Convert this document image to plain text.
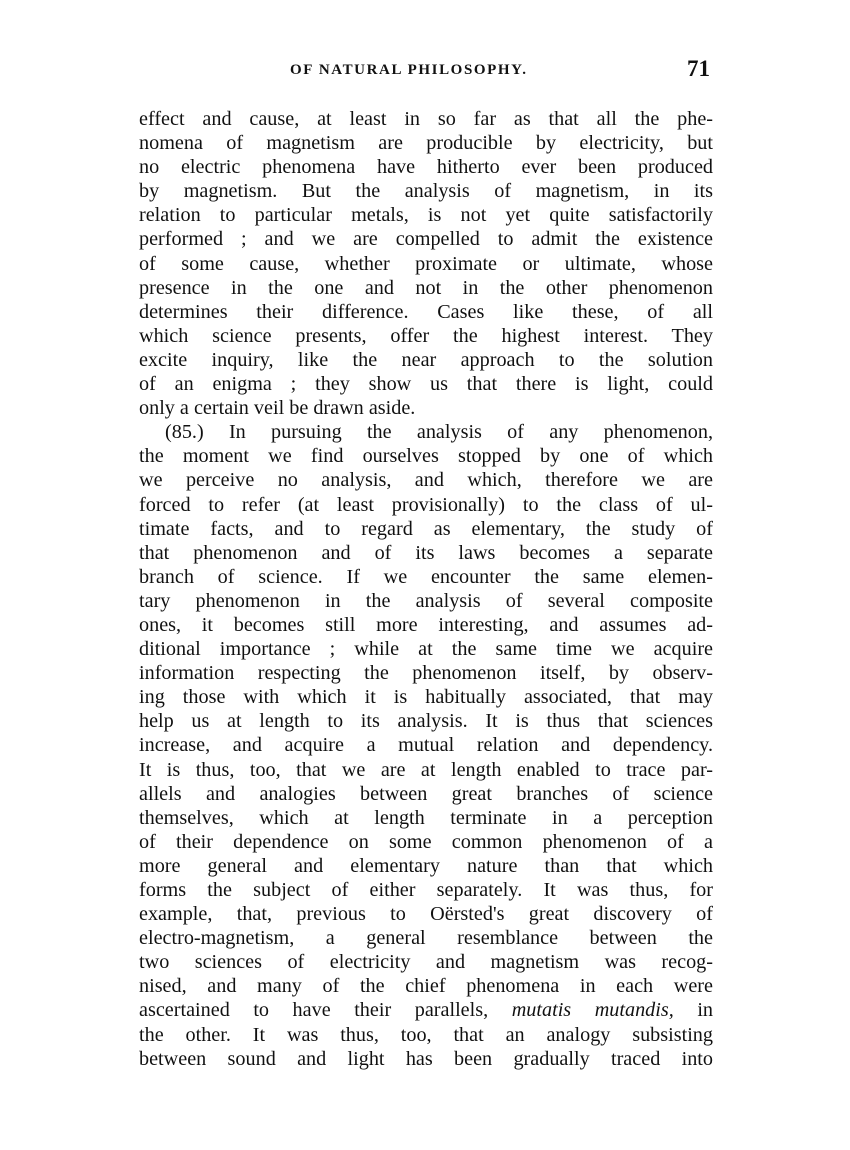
OF NATURAL PHILOSOPHY.	71
effect and cause, at least in so far as that all the phe-
nomena of magnetism are producible by electricity, but
no electric phenomena have hitherto ever been produced
by magnetism. But the analysis of magnetism, in its
relation to particular metals, is not yet quite satisfactorily
performed ; and we are compelled to admit the existence
of some cause, whether proximate or ultimate, whose
presence in the one and not in the other phenomenon
determines their difference. Cases like these, of all
which science presents, offer the highest interest. They
excite inquiry, like the near approach to the solution
of an enigma ; they show us that there is light, could
only a certain veil be drawn aside.
(85.) In pursuing the analysis of any phenomenon,
the moment we find ourselves stopped by one of which
we perceive no analysis, and which, therefore we are
forced to refer (at least provisionally) to the class of ul-
timate facts, and to regard as elementary, the study of
that phenomenon and of its laws becomes a separate
branch of science. If we encounter the same elemen-
tary phenomenon in the analysis of several composite
ones, it becomes still more interesting, and assumes ad-
ditional importance ; while at the same time we acquire
information respecting the phenomenon itself, by observ-
ing those with which it is habitually associated, that may
help us at length to its analysis. It is thus that sciences
increase, and acquire a mutual relation and dependency.
It is thus, too, that we are at length enabled to trace par-
allels and analogies between great branches of science
themselves, which at length terminate in a perception
of their dependence on some common phenomenon of a
more general and elementary nature than that which
forms the subject of either separately. It was thus, for
example, that, previous to Oërsted's great discovery of
electro-magnetism, a general resemblance between the
two sciences of electricity and magnetism was recog-
nised, and many of the chief phenomena in each were
ascertained to have their parallels, mutatis mutandis, in
the other. It was thus, too, that an analogy subsisting
between sound and light has been gradually traced into
